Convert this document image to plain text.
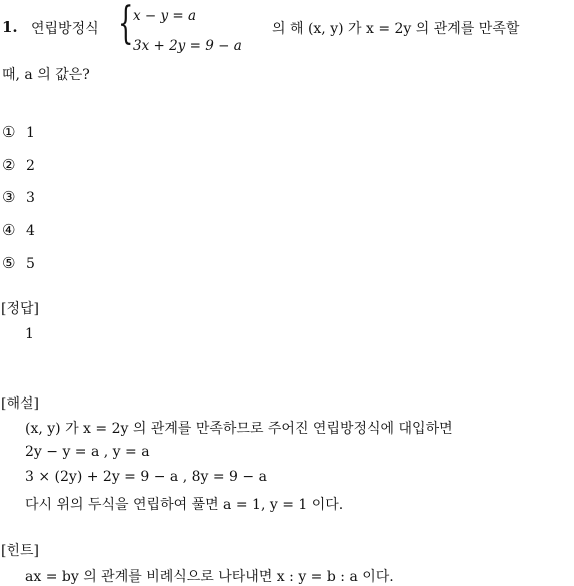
1. 연립방정식 { x − y = a
3x + 2y = 9 − a
의 해 (x, y) 가 x = 2y 의 관계를 만족할
때, a 의 값은?
① 1
② 2
③ 3
④ 4
⑤ 5
[정답]
1
[해설]
(x, y) 가 x = 2y 의 관계를 만족하므로 주어진 연립방정식에 대입하면
2y − y = a , y = a
3 × (2y) + 2y = 9 − a , 8y = 9 − a
다시 위의 두식을 연립하여 풀면 a = 1, y = 1 이다.
[힌트]
ax = by 의 관계를 비례식으로 나타내면 x : y = b : a 이다.
